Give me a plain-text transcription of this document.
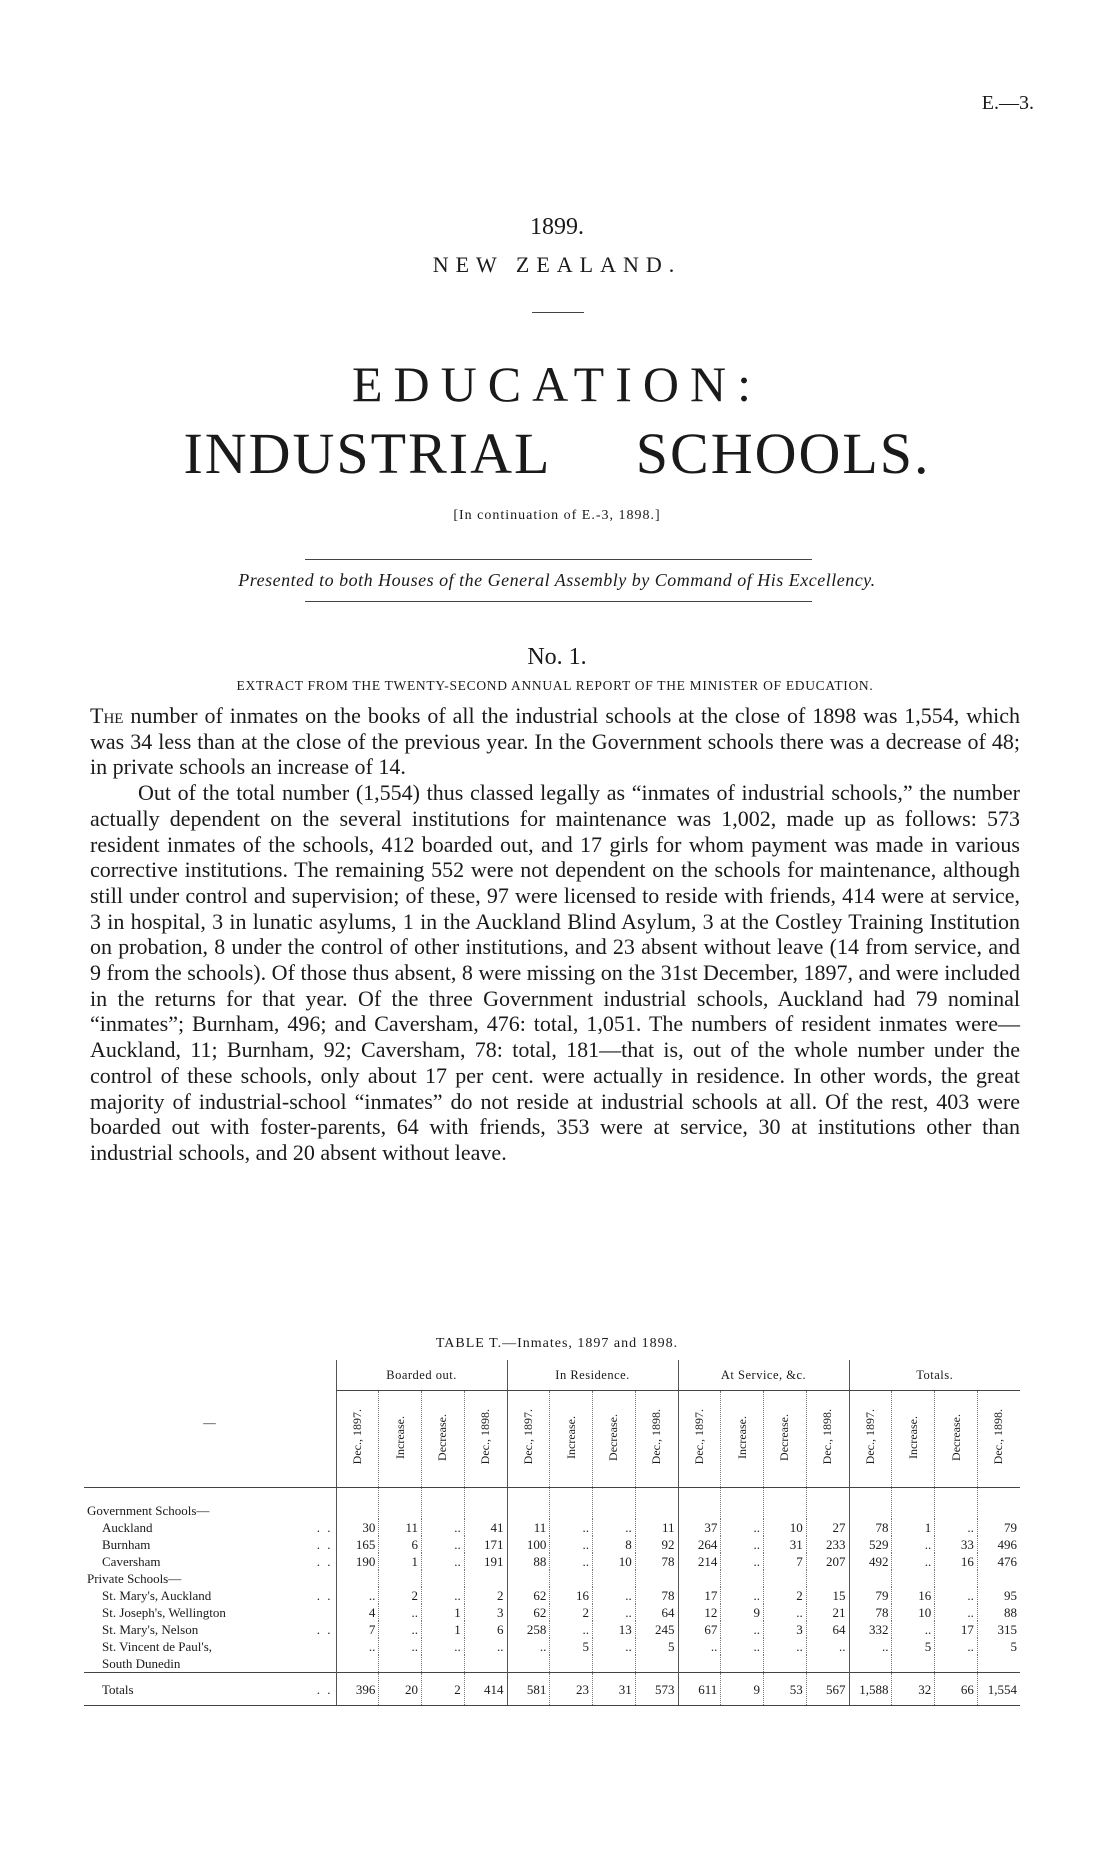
E.—3.
1899.
NEW ZEALAND.
EDUCATION:
INDUSTRIAL SCHOOLS.
[In continuation of E.-3, 1898.]
Presented to both Houses of the General Assembly by Command of His Excellency.
No. 1.
EXTRACT FROM THE TWENTY-SECOND ANNUAL REPORT OF THE MINISTER OF EDUCATION.

The number of inmates on the books of all the industrial schools at the close of 1898 was 1,554, which was 34 less than at the close of the previous year. In the Government schools there was a decrease of 48; in private schools an increase of 14.

Out of the total number (1,554) thus classed legally as “inmates of industrial schools,” the number actually dependent on the several institutions for maintenance was 1,002, made up as follows: 573 resident inmates of the schools, 412 boarded out, and 17 girls for whom payment was made in various corrective institutions. The remaining 552 were not dependent on the schools for maintenance, although still under control and supervision; of these, 97 were licensed to reside with friends, 414 were at service, 3 in hospital, 3 in lunatic asylums, 1 in the Auckland Blind Asylum, 3 at the Costley Training Institution on probation, 8 under the control of other institutions, and 23 absent without leave (14 from service, and 9 from the schools). Of those thus absent, 8 were missing on the 31st December, 1897, and were included in the returns for that year. Of the three Government industrial schools, Auckland had 79 nominal “inmates”; Burnham, 496; and Caversham, 476: total, 1,051. The numbers of resident inmates were—Auckland, 11; Burnham, 92; Caversham, 78: total, 181—that is, out of the whole number under the control of these schools, only about 17 per cent. were actually in residence. In other words, the great majority of industrial-school “inmates” do not reside at industrial schools at all. Of the rest, 403 were boarded out with foster-parents, 64 with friends, 353 were at service, 30 at institutions other than industrial schools, and 20 absent without leave.

TABLE T.—Inmates, 1897 and 1898.
—	Boarded out.				In Residence.				At Service, &c.				Totals.			
	Dec., 1897.	Increase.	Decrease.	Dec., 1898.	Dec., 1897.	Increase.	Decrease.	Dec., 1898.	Dec., 1897.	Increase.	Decrease.	Dec., 1898.	Dec., 1897.	Increase.	Decrease.	Dec., 1898.
Government Schools—																
Auckland . .	30	11	..	41	11	..	..	11	37	..	10	27	78	1	..	79
Burnham . .	165	6	..	171	100	..	8	92	264	..	31	233	529	..	33	496
Caversham . .	190	1	..	191	88	..	10	78	214	..	7	207	492	..	16	476
Private Schools—																
St. Mary's, Auckland . .	..	2	..	2	62	16	..	78	17	..	2	15	79	16	..	95
St. Joseph's, Wellington	4	..	1	3	62	2	..	64	12	9	..	21	78	10	..	88
St. Mary's, Nelson . .	7	..	1	6	258	..	13	245	67	..	3	64	332	..	17	315
St. Vincent de Paul's,	..	..	..	..	..	5	..	5	..	..	..	..	..	5	..	5
South Dunedin																
Totals . .	396	20	2	414	581	23	31	573	611	9	53	567	1,588	32	66	1,554
